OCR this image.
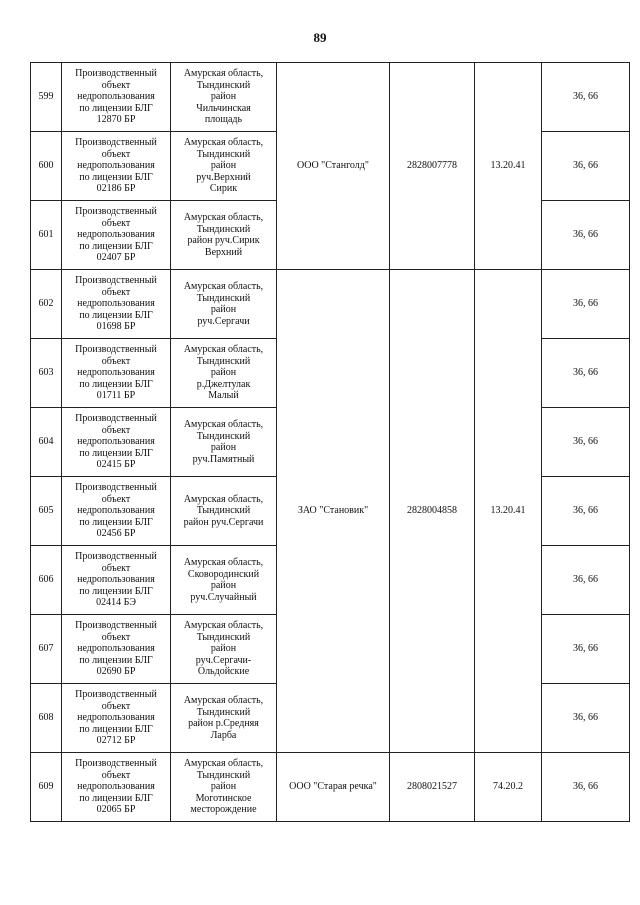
89
599	Производственный
объект
недропользования
по лицензии БЛГ
12870 БР	Амурская область,
Тындинский
район
Чильчинская
площадь	ООО "Станголд"	2828007778	13.20.41	36, 66
600	Производственный
объект
недропользования
по лицензии БЛГ
02186 БР	Амурская область,
Тындинский
район
руч.Верхний
Сирик				36, 66
601	Производственный
объект
недропользования
по лицензии БЛГ
02407 БР	Амурская область,
Тындинский
район руч.Сирик
Верхний				36, 66
602	Производственный
объект
недропользования
по лицензии БЛГ
01698 БР	Амурская область,
Тындинский
район
руч.Сергачи	ЗАО "Становик"	2828004858	13.20.41	36, 66
603	Производственный
объект
недропользования
по лицензии БЛГ
01711 БР	Амурская область,
Тындинский
район
р.Джелтулак
Малый				36, 66
604	Производственный
объект
недропользования
по лицензии БЛГ
02415 БР	Амурская область,
Тындинский
район
руч.Памятный				36, 66
605	Производственный
объект
недропользования
по лицензии БЛГ
02456 БР	Амурская область,
Тындинский
район руч.Сергачи				36, 66
606	Производственный
объект
недропользования
по лицензии БЛГ
02414 БЭ	Амурская область,
Сковородинский
район
руч.Случайный				36, 66
607	Производственный
объект
недропользования
по лицензии БЛГ
02690 БР	Амурская область,
Тындинский
район
руч.Сергачи-
Ольдойские				36, 66
608	Производственный
объект
недропользования
по лицензии БЛГ
02712 БР	Амурская область,
Тындинский
район р.Средняя
Ларба				36, 66
609	Производственный
объект
недропользования
по лицензии БЛГ
02065 БР	Амурская область,
Тындинский
район
Моготинское
месторождение	ООО "Старая речка"	2808021527	74.20.2	36, 66
